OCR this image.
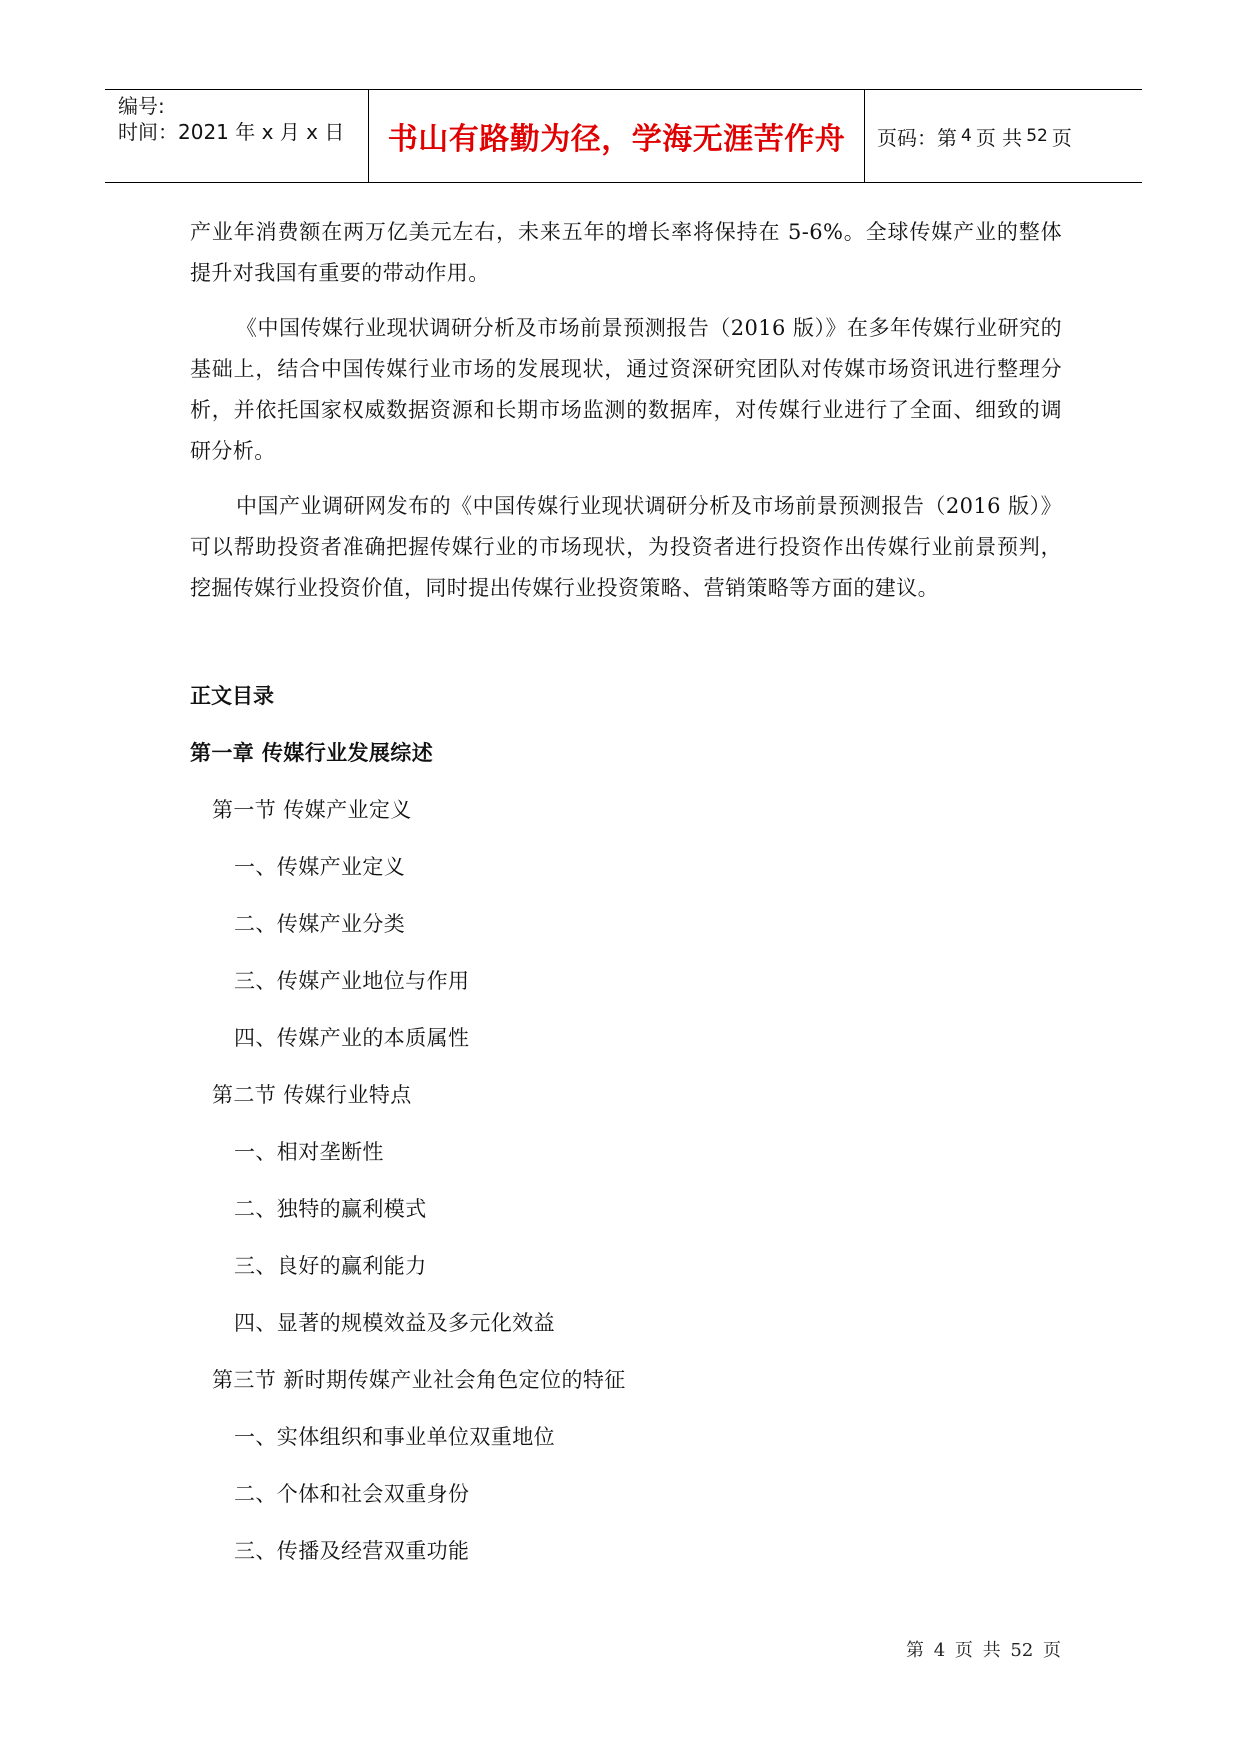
编号:
时间：2021 年 x 月 x 日	书山有路勤为径，学海无涯苦作舟 页码：第 4 页 共 52 页

产业年消费额在两万亿美元左右，未来五年的增长率将保持在 5-6%。全球传媒产业的整体提升对我国有重要的带动作用。

《中国传媒行业现状调研分析及市场前景预测报告（2016 版）》在多年传媒行业研究的基础上，结合中国传媒行业市场的发展现状，通过资深研究团队对传媒市场资讯进行整理分析，并依托国家权威数据资源和长期市场监测的数据库，对传媒行业进行了全面、细致的调研分析。

中国产业调研网发布的《中国传媒行业现状调研分析及市场前景预测报告（2016 版）》可以帮助投资者准确把握传媒行业的市场现状，为投资者进行投资作出传媒行业前景预判，挖掘传媒行业投资价值，同时提出传媒行业投资策略、营销策略等方面的建议。

正文目录
第一章 传媒行业发展综述
第一节 传媒产业定义
一、传媒产业定义
二、传媒产业分类
三、传媒产业地位与作用
四、传媒产业的本质属性
第二节 传媒行业特点
一、相对垄断性
二、独特的赢利模式
三、良好的赢利能力
四、显著的规模效益及多元化效益
第三节 新时期传媒产业社会角色定位的特征
一、实体组织和事业单位双重地位
二、个体和社会双重身份
三、传播及经营双重功能
第 4 页 共 52 页
